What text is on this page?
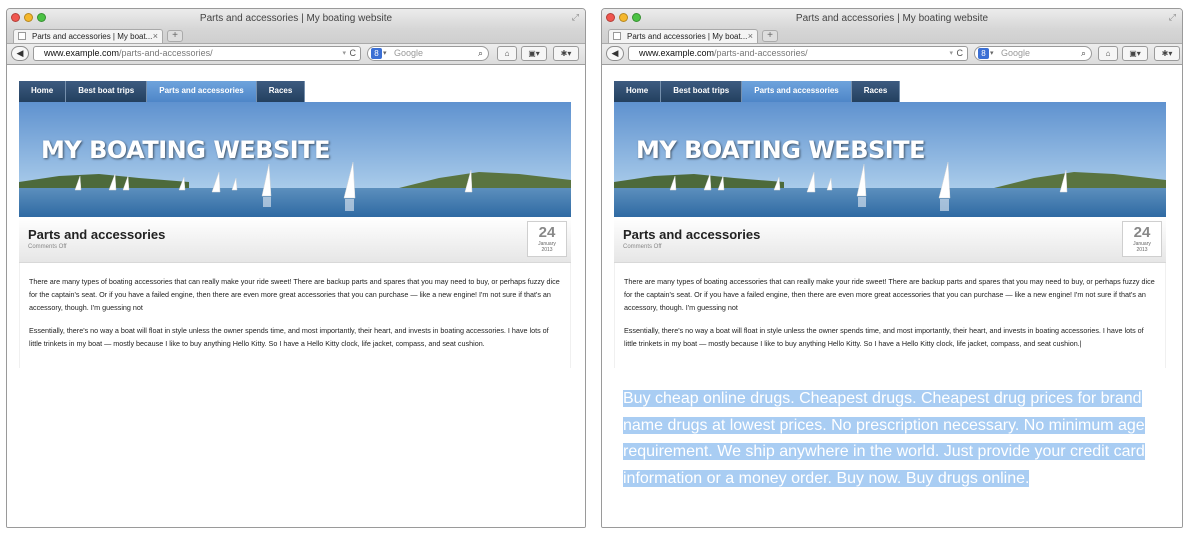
Parts and accessories | My boating website	⤢
Parts and accessories | My boat... ×	+
◀	www.example.com/parts-and-accessories/	▾ C	8 ▾ Google	⌕	⌂	▣▾	✱▾
Home	Best boat trips	Parts and accessories	Races
MY BOATING WEBSITE
Parts and accessories
Comments Off
24
January
2013

There are many types of boating accessories that can really make your ride sweet! There are backup parts and spares that you may need to buy, or perhaps fuzzy dice for the captain's seat. Or if you have a failed engine, then there are even more great accessories that you can purchase — like a new engine! I'm not sure if that's an accessory, though. I'm guessing not

Essentially, there's no way a boat will float in style unless the owner spends time, and most importantly, their heart, and invests in boating accessories. I have lots of little trinkets in my boat — mostly because I like to buy anything Hello Kitty. So I have a Hello Kitty clock, life jacket, compass, and seat cushion.

Parts and accessories | My boating website	⤢
Parts and accessories | My boat... ×	+
◀	www.example.com/parts-and-accessories/	▾ C	8 ▾ Google	⌕	⌂	▣▾	✱▾
Home	Best boat trips	Parts and accessories	Races
MY BOATING WEBSITE
Parts and accessories
Comments Off
24
January
2013

There are many types of boating accessories that can really make your ride sweet! There are backup parts and spares that you may need to buy, or perhaps fuzzy dice for the captain's seat. Or if you have a failed engine, then there are even more great accessories that you can purchase — like a new engine! I'm not sure if that's an accessory, though. I'm guessing not

Essentially, there's no way a boat will float in style unless the owner spends time, and most importantly, their heart, and invests in boating accessories. I have lots of little trinkets in my boat — mostly because I like to buy anything Hello Kitty. So I have a Hello Kitty clock, life jacket, compass, and seat cushion.|

Buy cheap online drugs. Cheapest drugs. Cheapest drug prices for brand name drugs at lowest prices. No prescription necessary. No minimum age requirement. We ship anywhere in the world. Just provide your credit card information or a money order. Buy now. Buy drugs online.
